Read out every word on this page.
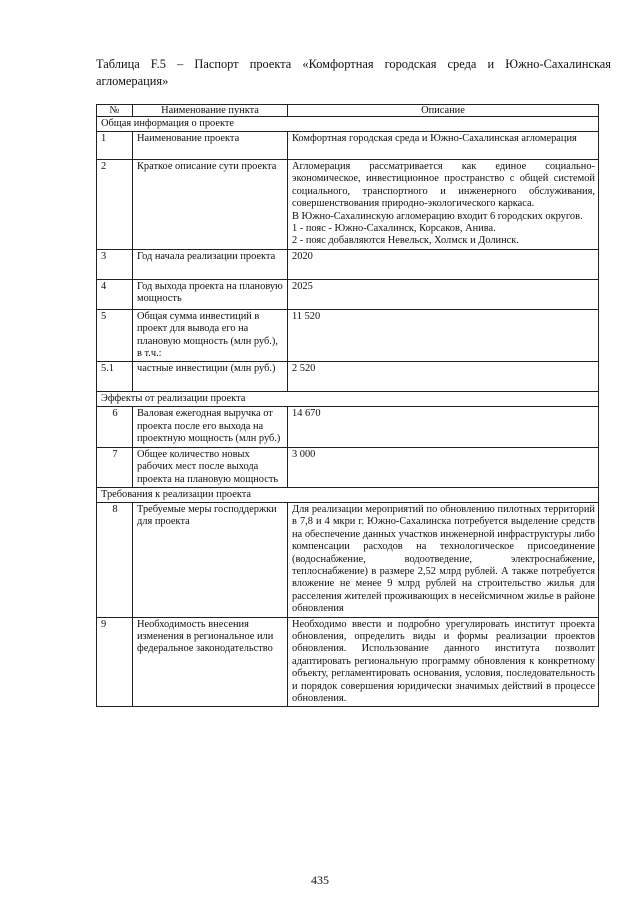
Таблица F.5 – Паспорт проекта «Комфортная городская среда и Южно-Сахалинская агломерация»
№	Наименование пункта	Описание
Общая информация о проекте		
1	Наименование проекта	Комфортная городская среда и Южно-Сахалинская агломерация
2	Краткое описание сути проекта	Агломерация рассматривается как единое социально-экономическое, инвестиционное пространство с общей системой социального, транспортного и инженерного обслуживания, совершенствования природно-экологического каркаса.
В Южно-Сахалинскую агломерацию входит 6 городских округов.
1 - пояс - Южно-Сахалинск, Корсаков, Анива.
2 - пояс добавляются Невельск, Холмск и Долинск.

3	Год начала реализации проекта	2020
4	Год выхода проекта на плановую мощность	2025
5	Общая сумма инвестиций в проект для вывода его на плановую мощность (млн руб.), в т.ч.:	11 520
5.1	частные инвестиции (млн руб.)	2 520
Эффекты от реализации проекта		
6	Валовая ежегодная выручка от проекта после его выхода на проектную мощность (млн руб.)	14 670
7	Общее количество новых рабочих мест после выхода проекта на плановую мощность	3 000
Требования к реализации проекта		
8	Требуемые меры господдержки для проекта	Для реализации мероприятий по обновлению пилотных территорий в 7,8 и 4 мкри г. Южно-Сахалинска потребуется выделение средств на обеспечение данных участков инженерной инфраструктуры либо компенсации расходов на технологическое присоединение (водоснабжение, водоотведение, электроснабжение, теплоснабжение) в размере 2,52 млрд рублей. А также потребуется вложение не менее 9 млрд рублей на строительство жилья для расселения жителей проживающих в несейсмичном жилье в районе обновления
9	Необходимость внесения изменения в региональное или федеральное законодательство	Необходимо ввести и подробно урегулировать институт проекта обновления, определить виды и формы реализации проектов обновления. Использование данного института позволит адаптировать региональную программу обновления к конкретному объекту, регламентировать основания, условия, последовательность и порядок совершения юридически значимых действий в процессе обновления.
435
